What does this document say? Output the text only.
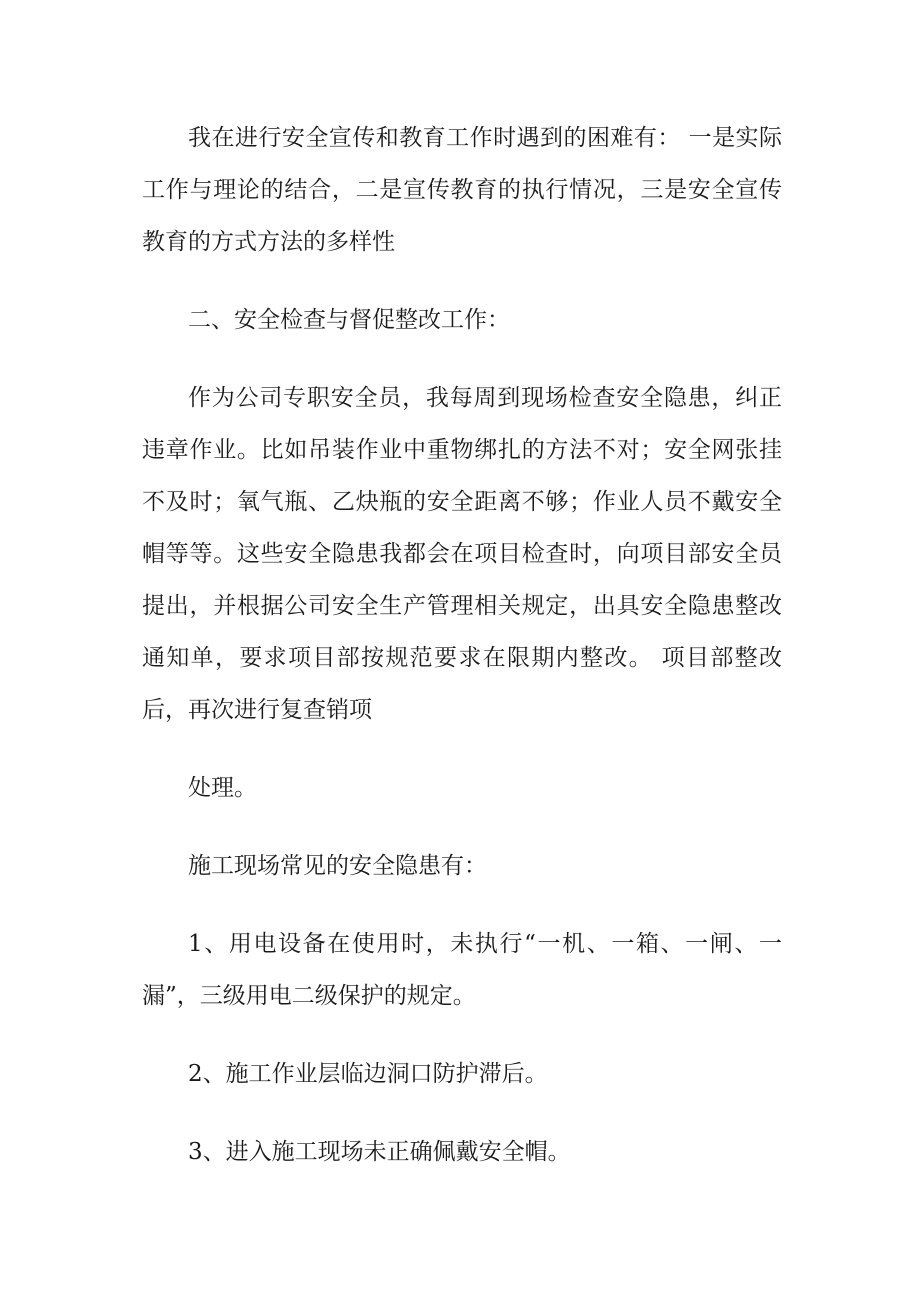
我在进行安全宣传和教育工作时遇到的困难有： 一是实际工作与理论的结合，二是宣传教育的执行情况，三是安全宣传教育的方式方法的多样性

二、安全检查与督促整改工作：

作为公司专职安全员，我每周到现场检查安全隐患，纠正违章作业。比如吊装作业中重物绑扎的方法不对；安全网张挂不及时；氧气瓶、乙炔瓶的安全距离不够；作业人员不戴安全帽等等。这些安全隐患我都会在项目检查时，向项目部安全员提出，并根据公司安全生产管理相关规定，出具安全隐患整改通知单，要求项目部按规范要求在限期内整改。 项目部整改后，再次进行复查销项

处理。

施工现场常见的安全隐患有：

1、用电设备在使用时，未执行“一机、一箱、一闸、一漏”，三级用电二级保护的规定。

2、施工作业层临边洞口防护滞后。

3、进入施工现场未正确佩戴安全帽。
